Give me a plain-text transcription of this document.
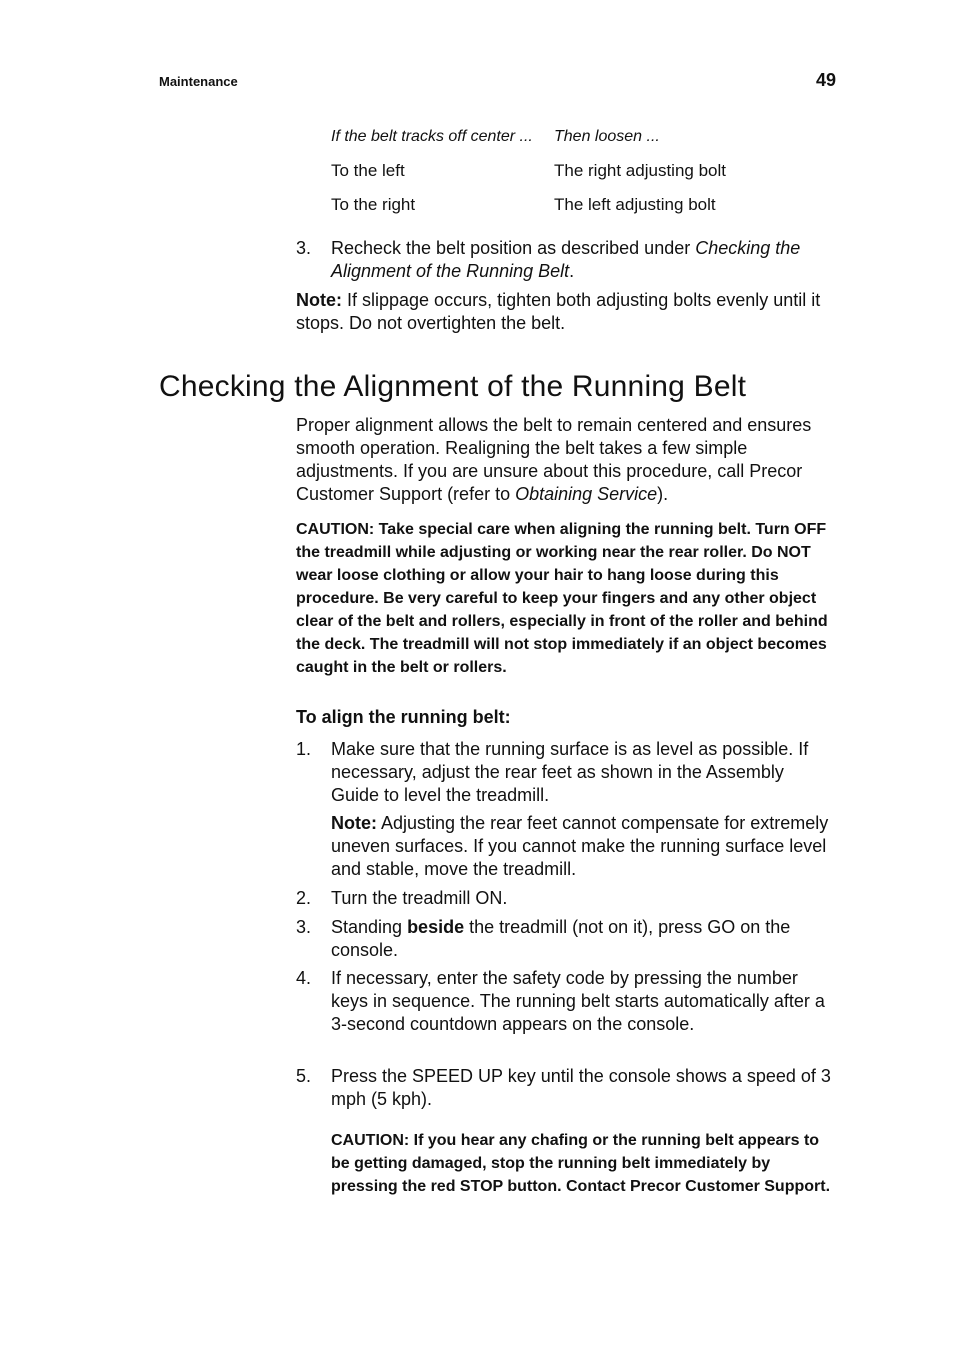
Maintenance	49
If the belt tracks off center ...	Then loosen ...
To the left	The right adjusting bolt
To the right	The left adjusting bolt
3.	Recheck the belt position as described under Checking the Alignment of the Running Belt.
Note: If slippage occurs, tighten both adjusting bolts evenly until it stops. Do not overtighten the belt.
Checking the Alignment of the Running Belt
Proper alignment allows the belt to remain centered and ensures smooth operation. Realigning the belt takes a few simple adjustments. If you are unsure about this procedure, call Precor Customer Support (refer to Obtaining Service).
CAUTION: Take special care when aligning the running belt. Turn OFF the treadmill while adjusting or working near the rear roller. Do NOT wear loose clothing or allow your hair to hang loose during this procedure. Be very careful to keep your fingers and any other object clear of the belt and rollers, especially in front of the roller and behind the deck. The treadmill will not stop immediately if an object becomes caught in the belt or rollers.
To align the running belt:
1.	Make sure that the running surface is as level as possible. If necessary, adjust the rear feet as shown in the Assembly Guide to level the treadmill.
Note: Adjusting the rear feet cannot compensate for extremely uneven surfaces. If you cannot make the running surface level and stable, move the treadmill.
2.	Turn the treadmill ON.
3.	Standing beside the treadmill (not on it), press GO on the console.
4.	If necessary, enter the safety code by pressing the number keys in sequence. The running belt starts automatically after a 3-second countdown appears on the console.
5.	Press the SPEED UP key until the console shows a speed of 3 mph (5 kph).
CAUTION: If you hear any chafing or the running belt appears to be getting damaged, stop the running belt immediately by pressing the red STOP button. Contact Precor Customer Support.
